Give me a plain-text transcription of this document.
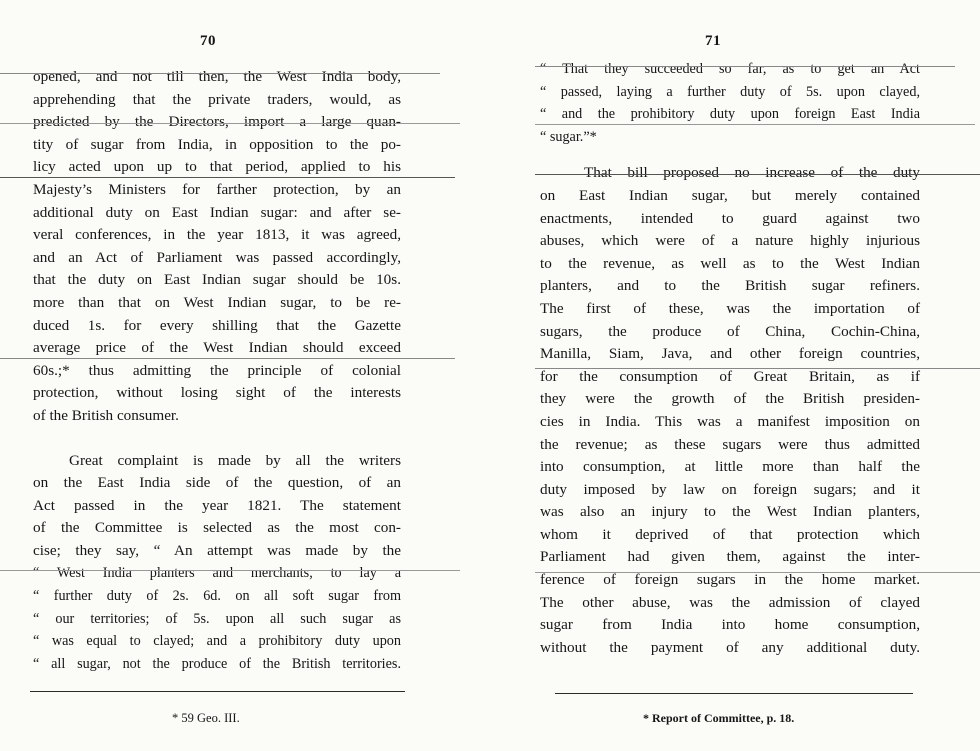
70
opened, and not till then, the West India body,
apprehending that the private traders, would, as
predicted by the Directors, import a large quan-
tity of sugar from India, in opposition to the po-
licy acted upon up to that period, applied to his
Majesty’s Ministers for farther protection, by an
additional duty on East Indian sugar: and after se-
veral conferences, in the year 1813, it was agreed,
and an Act of Parliament was passed accordingly,
that the duty on East Indian sugar should be 10s.
more than that on West Indian sugar, to be re-
duced 1s. for every shilling that the Gazette
average price of the West Indian should exceed
60s.;* thus admitting the principle of colonial
protection, without losing sight of the interests
of the British consumer.
Great complaint is made by all the writers
on the East India side of the question, of an
Act passed in the year 1821. The statement
of the Committee is selected as the most con-
cise; they say, “ An attempt was made by the
“ West India planters and merchants, to lay a
“ further duty of 2s. 6d. on all soft sugar from
“ our territories; of 5s. upon all such sugar as
“ was equal to clayed; and a prohibitory duty upon
“ all sugar, not the produce of the British territories.
* 59 Geo. III.
71
“ That they succeeded so far, as to get an Act
“ passed, laying a further duty of 5s. upon clayed,
“ and the prohibitory duty upon foreign East India
“ sugar.”*
That bill proposed no increase of the duty
on East Indian sugar, but merely contained
enactments, intended to guard against two
abuses, which were of a nature highly injurious
to the revenue, as well as to the West Indian
planters, and to the British sugar refiners.
The first of these, was the importation of
sugars, the produce of China, Cochin-China,
Manilla, Siam, Java, and other foreign countries,
for the consumption of Great Britain, as if
they were the growth of the British presiden-
cies in India. This was a manifest imposition on
the revenue; as these sugars were thus admitted
into consumption, at little more than half the
duty imposed by law on foreign sugars; and it
was also an injury to the West Indian planters,
whom it deprived of that protection which
Parliament had given them, against the inter-
ference of foreign sugars in the home market.
The other abuse, was the admission of clayed
sugar from India into home consumption,
without the payment of any additional duty.
* Report of Committee, p. 18.
